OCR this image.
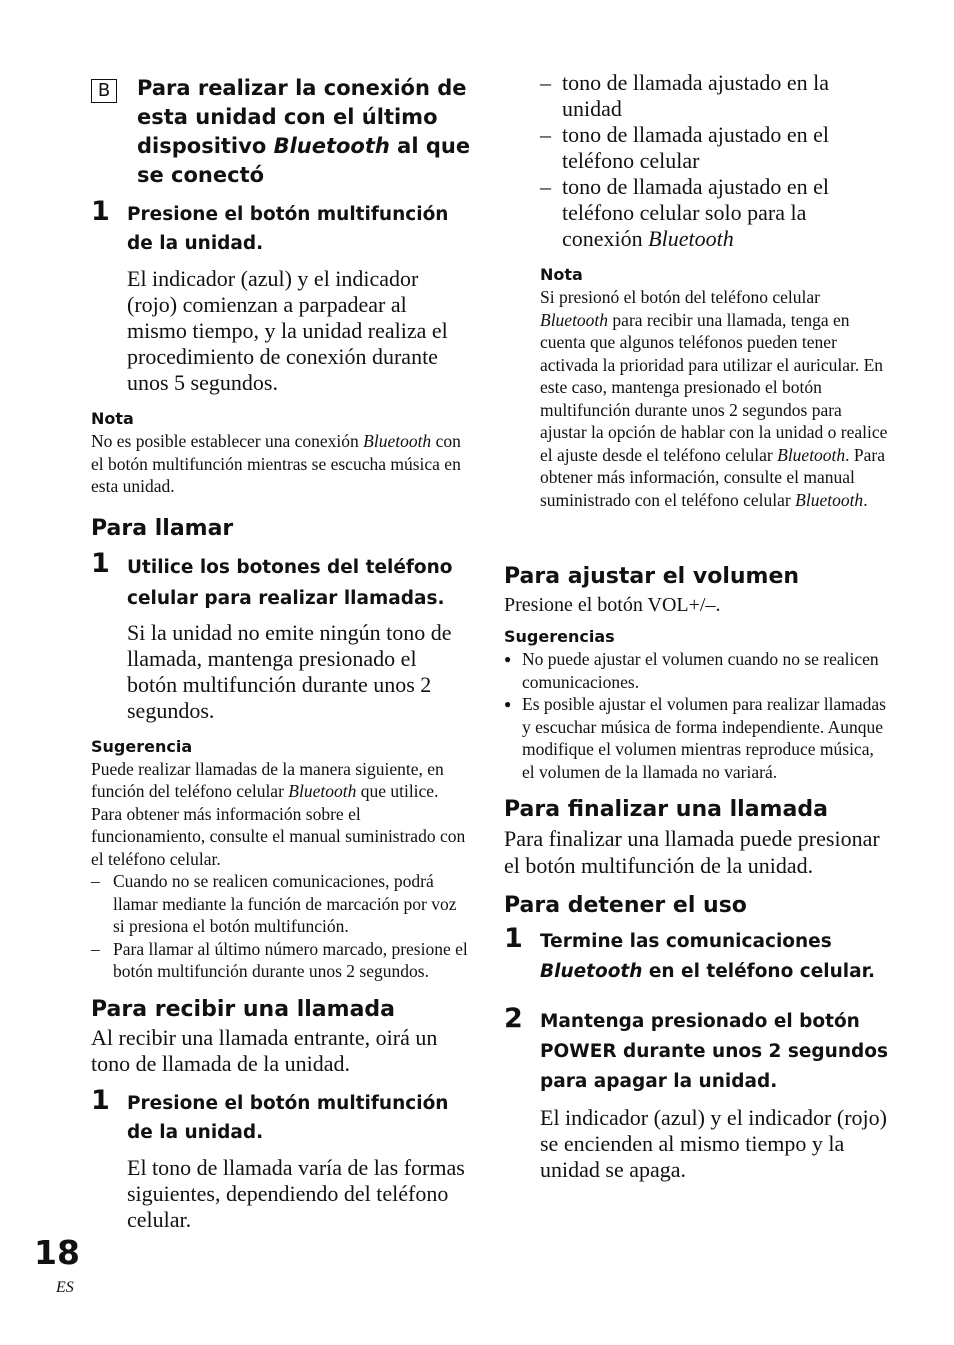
B	Para realizar la conexión de esta unidad con el último dispositivo Bluetooth al que se conectó
1 Presione el botón multifunción de la unidad.
El indicador (azul) y el indicador (rojo) comienzan a parpadear al mismo tiempo, y la unidad realiza el procedimiento de conexión durante unos 5 segundos.
Nota
No es posible establecer una conexión Bluetooth con el botón multifunción mientras se escucha música en esta unidad.
Para llamar
1 Utilice los botones del teléfono celular para realizar llamadas.
Si la unidad no emite ningún tono de llamada, mantenga presionado el botón multifunción durante unos 2 segundos.
Sugerencia
Puede realizar llamadas de la manera siguiente, en función del teléfono celular Bluetooth que utilice. Para obtener más información sobre el funcionamiento, consulte el manual suministrado con el teléfono celular.
– Cuando no se realicen comunicaciones, podrá llamar mediante la función de marcación por voz si presiona el botón multifunción.
– Para llamar al último número marcado, presione el botón multifunción durante unos 2 segundos.
Para recibir una llamada
Al recibir una llamada entrante, oirá un tono de llamada de la unidad.
1 Presione el botón multifunción de la unidad.
El tono de llamada varía de las formas siguientes, dependiendo del teléfono celular.
– tono de llamada ajustado en la unidad
– tono de llamada ajustado en el teléfono celular
– tono de llamada ajustado en el teléfono celular solo para la conexión Bluetooth
Nota
Si presionó el botón del teléfono celular Bluetooth para recibir una llamada, tenga en cuenta que algunos teléfonos pueden tener activada la prioridad para utilizar el auricular. En este caso, mantenga presionado el botón multifunción durante unos 2 segundos para ajustar la opción de hablar con la unidad o realice el ajuste desde el teléfono celular Bluetooth. Para obtener más información, consulte el manual suministrado con el teléfono celular Bluetooth.
Para ajustar el volumen
Presione el botón VOL+/–.
Sugerencias
● No puede ajustar el volumen cuando no se realicen comunicaciones.
● Es posible ajustar el volumen para realizar llamadas y escuchar música de forma independiente. Aunque modifique el volumen mientras reproduce música, el volumen de la llamada no variará.
Para finalizar una llamada
Para finalizar una llamada puede presionar el botón multifunción de la unidad.
Para detener el uso
1 Termine las comunicaciones Bluetooth en el teléfono celular.
2 Mantenga presionado el botón POWER durante unos 2 segundos para apagar la unidad.
El indicador (azul) y el indicador (rojo) se encienden al mismo tiempo y la unidad se apaga.
18
ES
